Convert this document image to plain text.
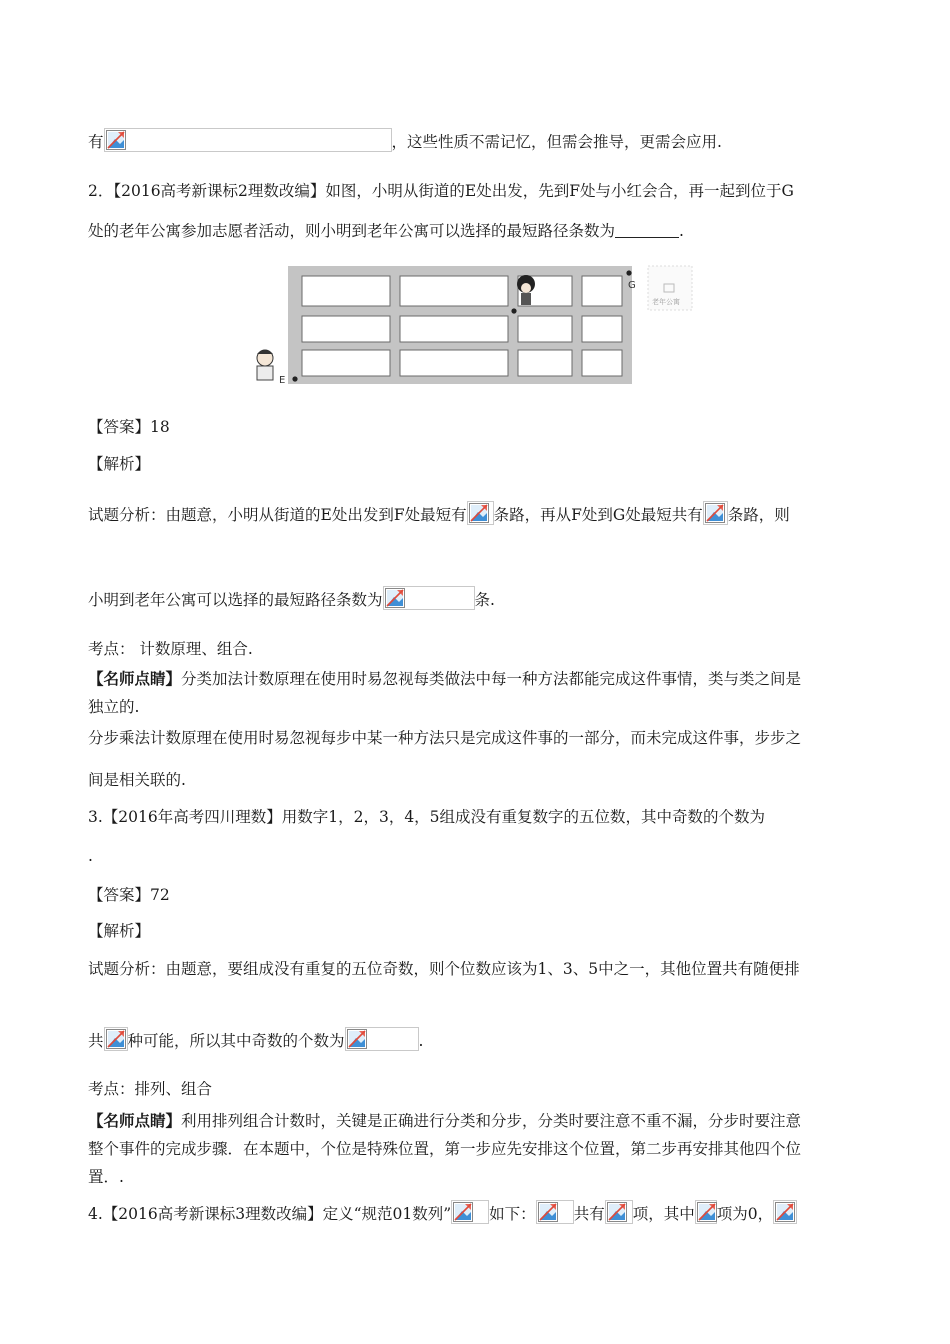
有	，这些性质不需记忆，但需会推导，更需会应用.
2．【2016高考新课标2理数改编】如图，小明从街道的E处出发，先到F处与小红会合，再一起到位于G
处的老年公寓参加志愿者活动，则小明到老年公寓可以选择的最短路径条数为	.
G
老年公寓
E
【答案】18
【解析】
试题分析：由题意，小明从街道的E处出发到F处最短有 条路，再从F处到G处最短共有 条路，则
小明到老年公寓可以选择的最短路径条数为	条.
考点： 计数原理、组合.
【名师点睛】分类加法计数原理在使用时易忽视每类做法中每一种方法都能完成这件事情，类与类之间是
独立的.
分步乘法计数原理在使用时易忽视每步中某一种方法只是完成这件事的一部分，而未完成这件事，步步之
间是相关联的.
3.【2016年高考四川理数】用数字1，2，3，4，5组成没有重复数字的五位数，其中奇数的个数为
.
【答案】72
【解析】
试题分析：由题意，要组成没有重复的五位奇数，则个位数应该为1、3、5中之一，其他位置共有随便排
共 种可能，所以其中奇数的个数为	.
考点：排列、组合
【名师点睛】利用排列组合计数时，关键是正确进行分类和分步，分类时要注意不重不漏，分步时要注意
整个事件的完成步骤．在本题中，个位是特殊位置，第一步应先安排这个位置，第二步再安排其他四个位
置．.
4.【2016高考新课标3理数改编】定义“规范01数列” 如下： 共有 项，其中 项为0，
